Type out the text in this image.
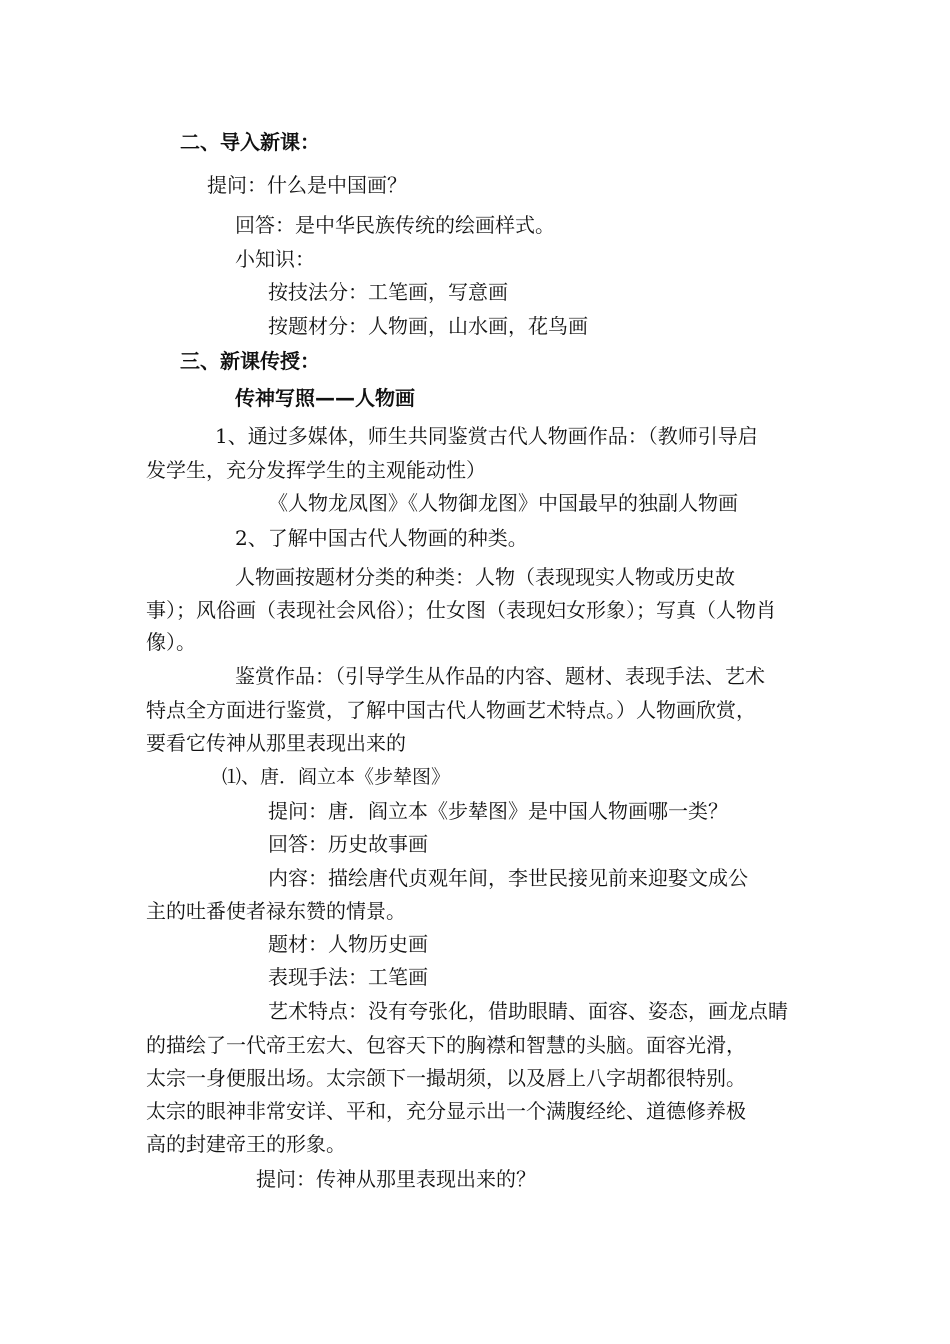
二、导入新课：
提问：什么是中国画？
回答：是中华民族传统的绘画样式。
小知识：
按技法分：工笔画，写意画
按题材分：人物画，山水画，花鸟画
三、新课传授：
传神写照——人物画
1、通过多媒体，师生共同鉴赏古代人物画作品：（教师引导启
发学生，充分发挥学生的主观能动性）
《人物龙凤图》《人物御龙图》中国最早的独副人物画
2、了解中国古代人物画的种类。
人物画按题材分类的种类：人物（表现现实人物或历史故
事）；风俗画（表现社会风俗）；仕女图（表现妇女形象）；写真（人物肖
像）。
鉴赏作品：（引导学生从作品的内容、题材、表现手法、艺术
特点全方面进行鉴赏，了解中国古代人物画艺术特点。）人物画欣赏，
要看它传神从那里表现出来的
⑴、唐．阎立本《步辇图》
提问：唐．阎立本《步辇图》是中国人物画哪一类？
回答：历史故事画
内容：描绘唐代贞观年间，李世民接见前来迎娶文成公
主的吐番使者禄东赞的情景。
题材：人物历史画
表现手法：工笔画
艺术特点：没有夸张化，借助眼睛、面容、姿态，画龙点睛
的描绘了一代帝王宏大、包容天下的胸襟和智慧的头脑。面容光滑，
太宗一身便服出场。太宗颌下一撮胡须，以及唇上八字胡都很特别。
太宗的眼神非常安详、平和，充分显示出一个满腹经纶、道德修养极
高的封建帝王的形象。
提问：传神从那里表现出来的？
